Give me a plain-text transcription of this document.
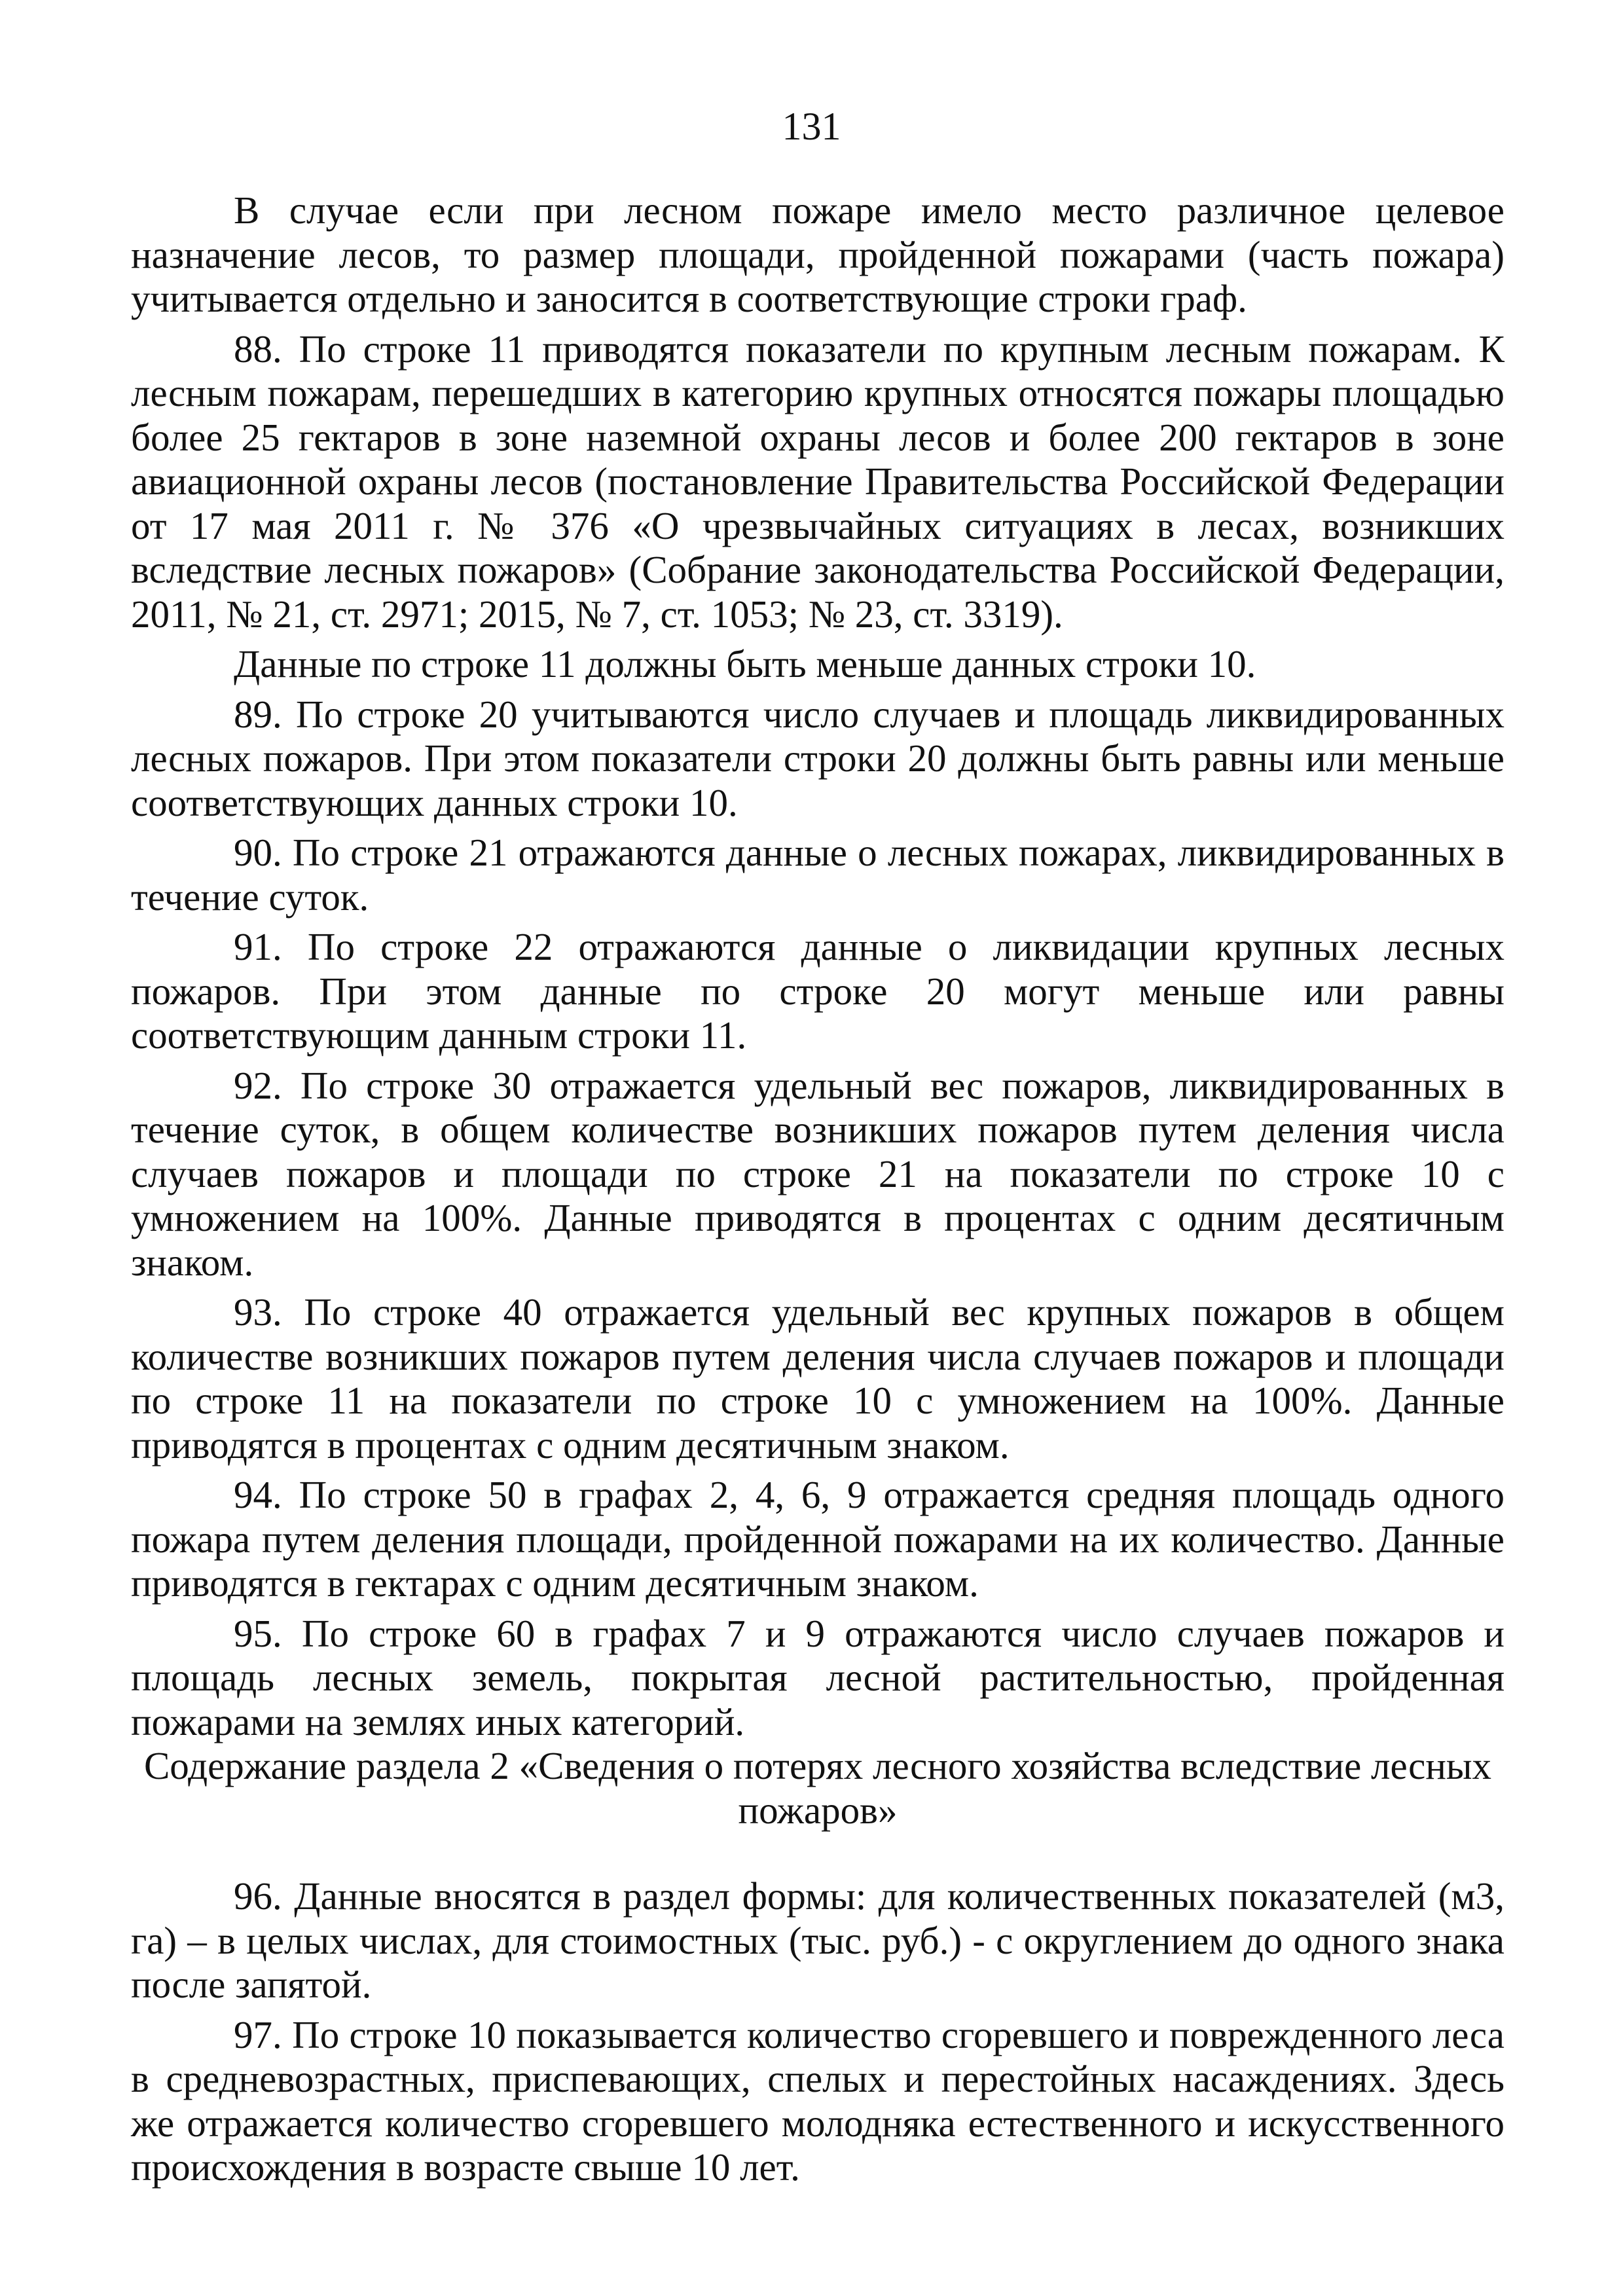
131

В случае если при лесном пожаре имело место различное целевое назначение лесов, то размер площади, пройденной пожарами (часть пожара) учитывается отдельно и заносится в соответствующие строки граф.

88. По строке 11 приводятся показатели по крупным лесным пожарам. К лесным пожарам, перешедших в категорию крупных относятся пожары площадью более 25 гектаров в зоне наземной охраны лесов и более 200 гектаров в зоне авиационной охраны лесов (постановление Правительства Российской Федерации от 17 мая 2011 г. № 376 «О чрезвычайных ситуациях в лесах, возникших вследствие лесных пожаров» (Собрание законодательства Российской Федерации, 2011, № 21, ст. 2971; 2015, № 7, ст. 1053; № 23, ст. 3319).

Данные по строке 11 должны быть меньше данных строки 10.

89. По строке 20 учитываются число случаев и площадь ликвидированных лесных пожаров. При этом показатели строки 20 должны быть равны или меньше соответствующих данных строки 10.

90. По строке 21 отражаются данные о лесных пожарах, ликвидированных в течение суток.

91. По строке 22 отражаются данные о ликвидации крупных лесных пожаров. При этом данные по строке 20 могут меньше или равны соответствующим данным строки 11.

92. По строке 30 отражается удельный вес пожаров, ликвидированных в течение суток, в общем количестве возникших пожаров путем деления числа случаев пожаров и площади по строке 21 на показатели по строке 10 с умножением на 100%. Данные приводятся в процентах с одним десятичным знаком.

93. По строке 40 отражается удельный вес крупных пожаров в общем количестве возникших пожаров путем деления числа случаев пожаров и площади по строке 11 на показатели по строке 10 с умножением на 100%. Данные приводятся в процентах с одним десятичным знаком.

94. По строке 50 в графах 2, 4, 6, 9 отражается средняя площадь одного пожара путем деления площади, пройденной пожарами на их количество. Данные приводятся в гектарах с одним десятичным знаком.

95. По строке 60 в графах 7 и 9 отражаются число случаев пожаров и площадь лесных земель, покрытая лесной растительностью, пройденная пожарами на землях иных категорий.

Содержание раздела 2 «Сведения о потерях лесного хозяйства вследствие лесных пожаров»

96. Данные вносятся в раздел формы: для количественных показателей (м3, га) – в целых числах, для стоимостных (тыс. руб.) - с округлением до одного знака после запятой.

97. По строке 10 показывается количество сгоревшего и поврежденного леса в средневозрастных, приспевающих, спелых и перестойных насаждениях. Здесь же отражается количество сгоревшего молодняка естественного и искусственного происхождения в возрасте свыше 10 лет.
